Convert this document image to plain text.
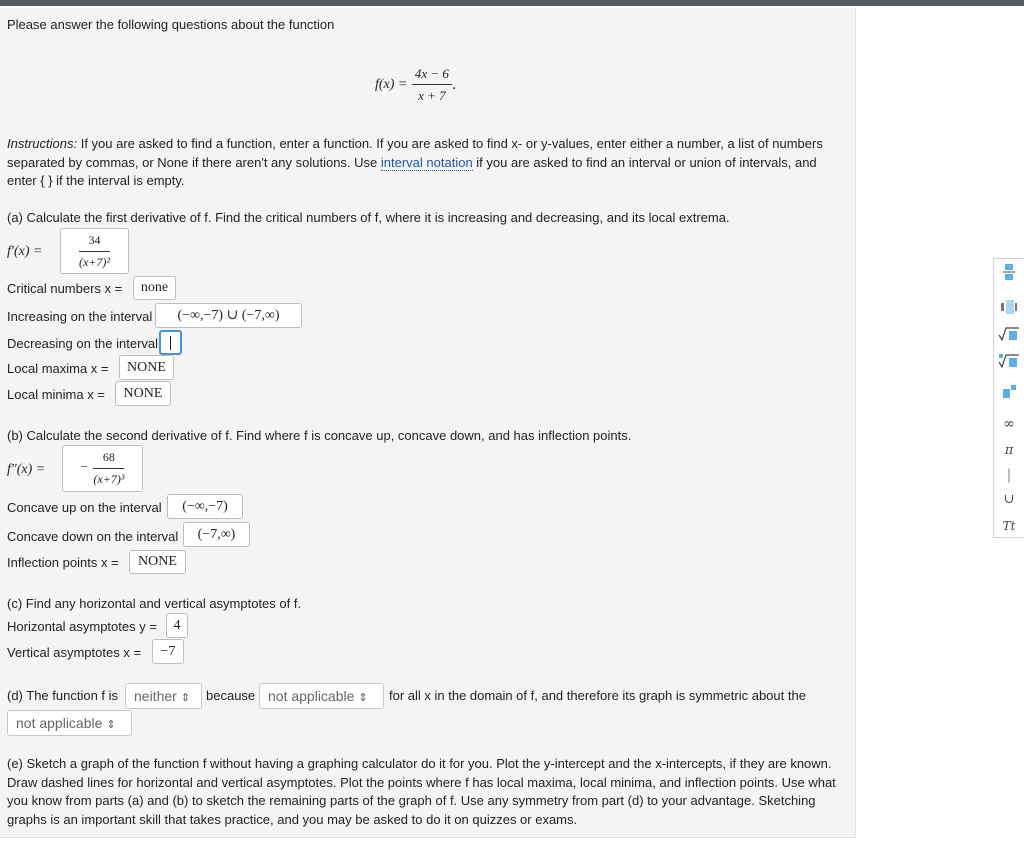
Please answer the following questions about the function
$f(x) = \frac{4x - 6}{x + 7}$ .
Instructions: If you are asked to find a function, enter a function. If you are asked to find x- or y-values, enter either a number, a list of numbers separated by commas, or None if there aren't any solutions. Use interval notation if you are asked to find an interval or union of intervals, and enter { } if the interval is empty.
(a) Calculate the first derivative of f. Find the critical numbers of f, where it is increasing and decreasing, and its local extrema.
f′(x) =	$\frac{34}{\text{(x+7)²}}$
Critical numbers x =	none
Increasing on the interval	(−∞,−7) ∪ (−7,∞)
Decreasing on the interval
Local maxima x =	NONE
Local minima x =	NONE
(b) Calculate the second derivative of f. Find where f is concave up, concave down, and has inflection points.
f″(x) =	− $\frac{68}{\text{(x+7)³}}$
Concave up on the interval	(−∞,−7)
Concave down on the interval	(−7,∞)
Inflection points x =	NONE
(c) Find any horizontal and vertical asymptotes of f.
Horizontal asymptotes y =	4
Vertical asymptotes x =	−7
(d) The function f is	neither ⇕	because not applicable ⇕	for all x in the domain of f, and therefore its graph is symmetric about the
not applicable ⇕
(e) Sketch a graph of the function f without having a graphing calculator do it for you. Plot the y-intercept and the x-intercepts, if they are known. Draw dashed lines for horizontal and vertical asymptotes. Plot the points where f has local maxima, local minima, and inflection points. Use what you know from parts (a) and (b) to sketch the remaining parts of the graph of f. Use any symmetry from part (d) to your advantage. Sketching graphs is an important skill that takes practice, and you may be asked to do it on quizzes or exams.
∞
π
|
∪
Tt
